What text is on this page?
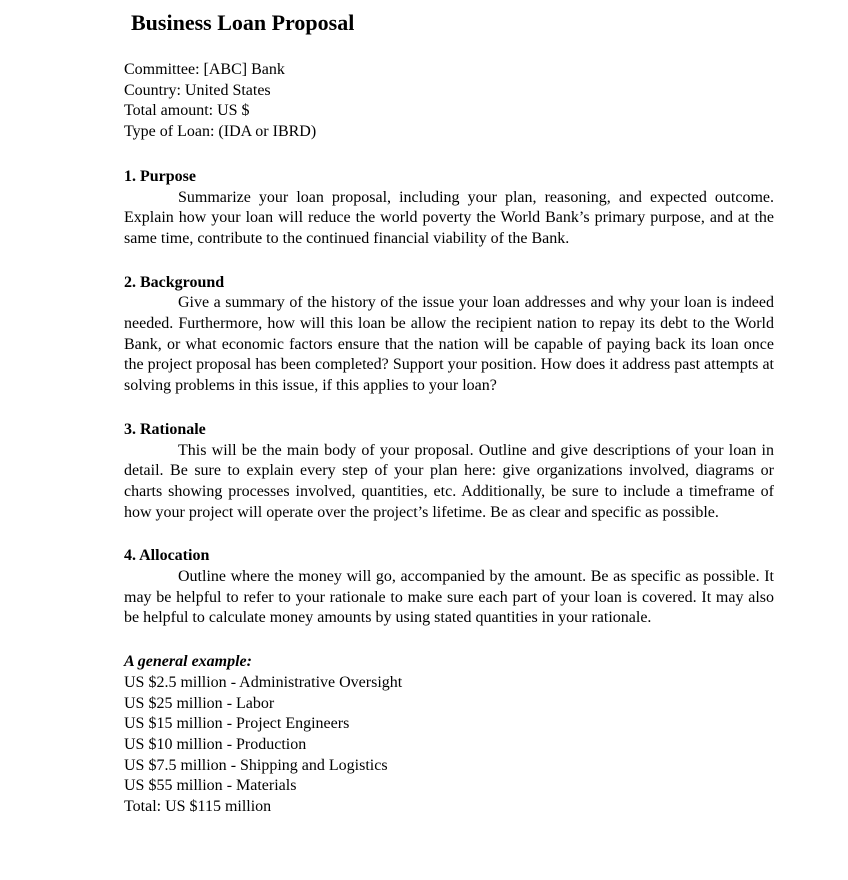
Business Loan Proposal
Committee: [ABC] Bank
Country: United States
Total amount: US $
Type of Loan: (IDA or IBRD)
1. Purpose

Summarize your loan proposal, including your plan, reasoning, and expected outcome. Explain how your loan will reduce the world poverty the World Bank’s primary purpose, and at the same time, contribute to the continued financial viability of the Bank.

2. Background

Give a summary of the history of the issue your loan addresses and why your loan is indeed needed. Furthermore, how will this loan be allow the recipient nation to repay its debt to the World Bank, or what economic factors ensure that the nation will be capable of paying back its loan once the project proposal has been completed? Support your position. How does it address past attempts at solving problems in this issue, if this applies to your loan?

3. Rationale

This will be the main body of your proposal. Outline and give descriptions of your loan in detail. Be sure to explain every step of your plan here: give organizations involved, diagrams or charts showing processes involved, quantities, etc. Additionally, be sure to include a timeframe of how your project will operate over the project’s lifetime. Be as clear and specific as possible.

4. Allocation

Outline where the money will go, accompanied by the amount. Be as specific as possible. It may be helpful to refer to your rationale to make sure each part of your loan is covered. It may also be helpful to calculate money amounts by using stated quantities in your rationale.

A general example:
US $2.5 million - Administrative Oversight
US $25 million - Labor
US $15 million - Project Engineers
US $10 million - Production
US $7.5 million - Shipping and Logistics
US $55 million - Materials
Total: US $115 million
